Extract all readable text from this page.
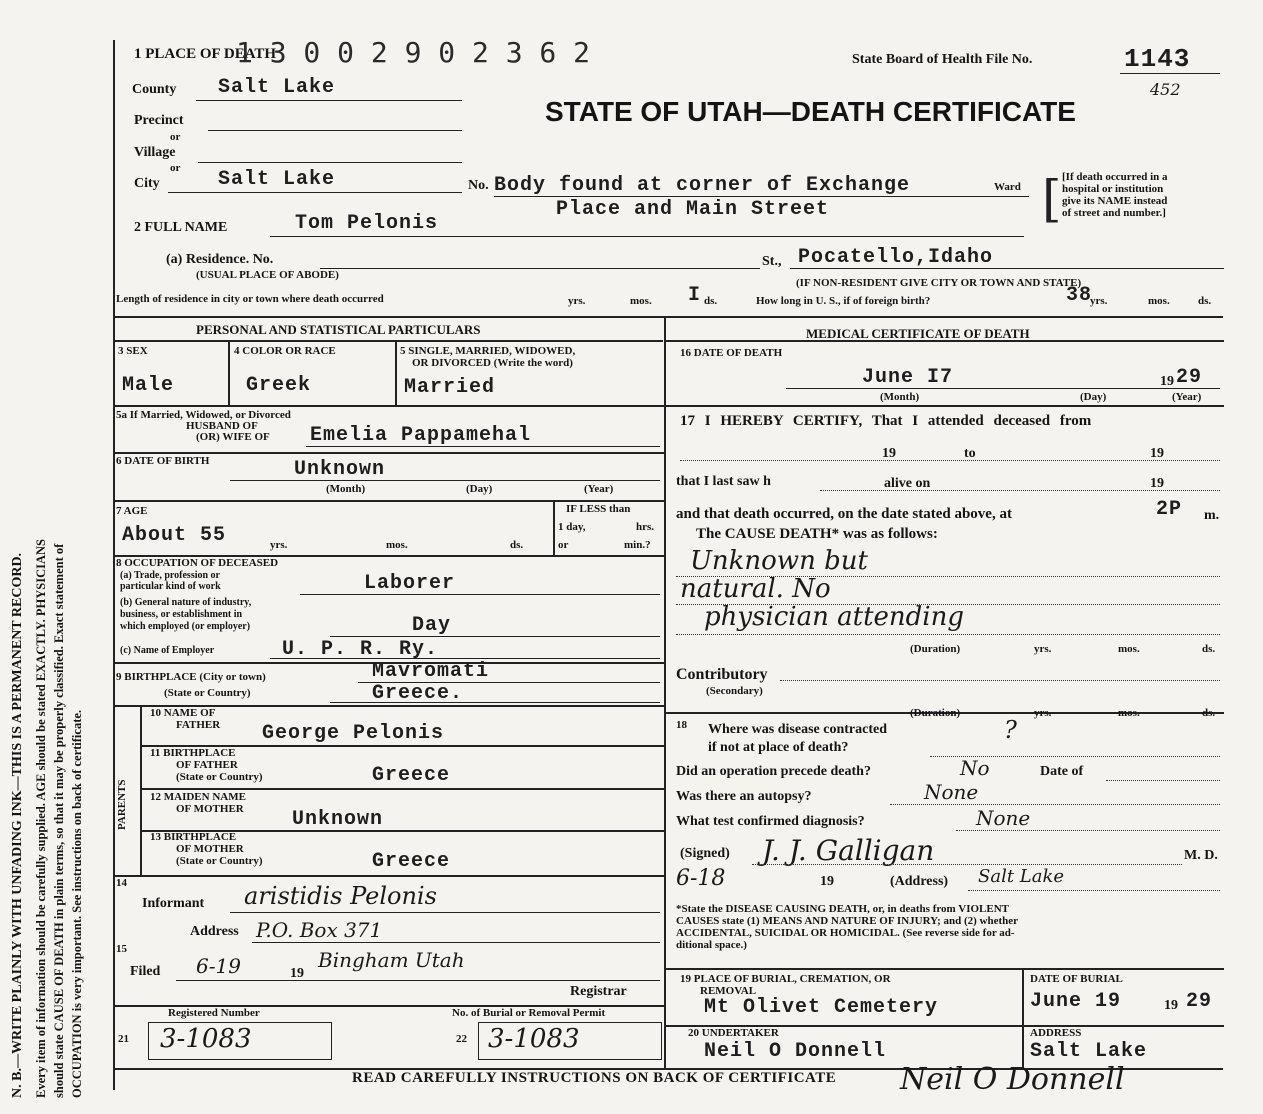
N. B.—WRITE PLAINLY WITH UNFADING INK—THIS IS A PERMANENT RECORD. Every item of information should be carefully supplied. AGE should be stated EXACTLY. PHYSICIANS should state CAUSE OF DEATH in plain terms, so that it may be properly classified. Exact statement of OCCUPATION is very important. See instructions on back of certificate.
1 PLACE OF DEATH
1 3 0 0 2 9 0 2 3 6 2	State Board of Health File No.	1143
452
STATE OF UTAH—DEATH CERTIFICATE
County Salt Lake
Precinct
or
Village
or
City	Salt Lake	No. Body found at corner of Exchange	Ward
Place and Main Street	[ [If death occurred in a
hospital or institution
give its NAME instead
of street and number.]
2 FULL NAME	Tom Pelonis
(a) Residence. No.
(USUAL PLACE OF ABODE)
St., Pocatello,Idaho
(IF NON-RESIDENT GIVE CITY OR TOWN AND STATE)
Length of residence in city or town where death occurred	yrs.	mos. I ds.	How long in U. S., if of foreign birth?	38
yrs.	mos.	ds.
PERSONAL AND STATISTICAL PARTICULARS
3 SEX
Male
4 COLOR OR RACE
Greek
5 SINGLE, MARRIED, WIDOWED,
OR DIVORCED (Write the word)
Married
5a If Married, Widowed, or Divorced
HUSBAND OF
(OR) WIFE OF Emelia Pappamehal
6 DATE OF BIRTH	Unknown
(Month)	(Day)	(Year)
7 AGE
About 55	yrs.	mos.	ds.
IF LESS than
1 day,	hrs.
or	min.?
8 OCCUPATION OF DECEASED
(a) Trade, profession or
particular kind of work	Laborer
(b) General nature of industry,
business, or establishment in
which employed (or employer)	Day
(c) Name of Employer	U. P. R. Ry.
9 BIRTHPLACE (City or town)	Mavromati
(State or Country)	Greece.
PARENTS
10 NAME OF
FATHER George Pelonis
11 BIRTHPLACE
OF FATHER
(State or Country)	Greece
12 MAIDEN NAME
OF MOTHER Unknown
13 BIRTHPLACE
OF MOTHER
(State or Country)	Greece
14
Informant aristidis Pelonis
Address P.O. Box 371
15
Filed 6-19	19
Bingham Utah
Registrar
Registered Number	No. of Burial or Removal Permit
21 3-1083	22 3-1083
MEDICAL CERTIFICATE OF DEATH
16 DATE OF DEATH
June I7	19 29
(Month)	(Day)	(Year)
17 I HEREBY CERTIFY, That I attended deceased from
19	to	19
that I last saw h	alive on	19
and that death occurred, on the date stated above, at	2P m.
The CAUSE DEATH* was as follows:
Unknown but
natural. No
physician attending
(Duration)	yrs.	mos.	ds.
Contributory
(Secondary)
(Duration)	yrs.	mos.	ds.
18 Where was disease contracted
if not at place of death?
?
Did an operation precede death?	No	Date of
Was there an autopsy?	None
What test confirmed diagnosis?	None
(Signed) J. J. Galligan	M. D.
6-18	19	(Address) Salt Lake
*State the DISEASE CAUSING DEATH, or, in deaths from VIOLENT
CAUSES state (1) MEANS AND NATURE OF INJURY; and (2) whether
ACCIDENTAL, SUICIDAL OR HOMICIDAL. (See reverse side for ad-
ditional space.)
19 PLACE OF BURIAL, CREMATION, OR
REMOVAL
Mt Olivet Cemetery
DATE OF BURIAL
June 19	19 29
20 UNDERTAKER
Neil O Donnell
ADDRESS
Salt Lake
READ CAREFULLY INSTRUCTIONS ON BACK OF CERTIFICATE Neil O Donnell
